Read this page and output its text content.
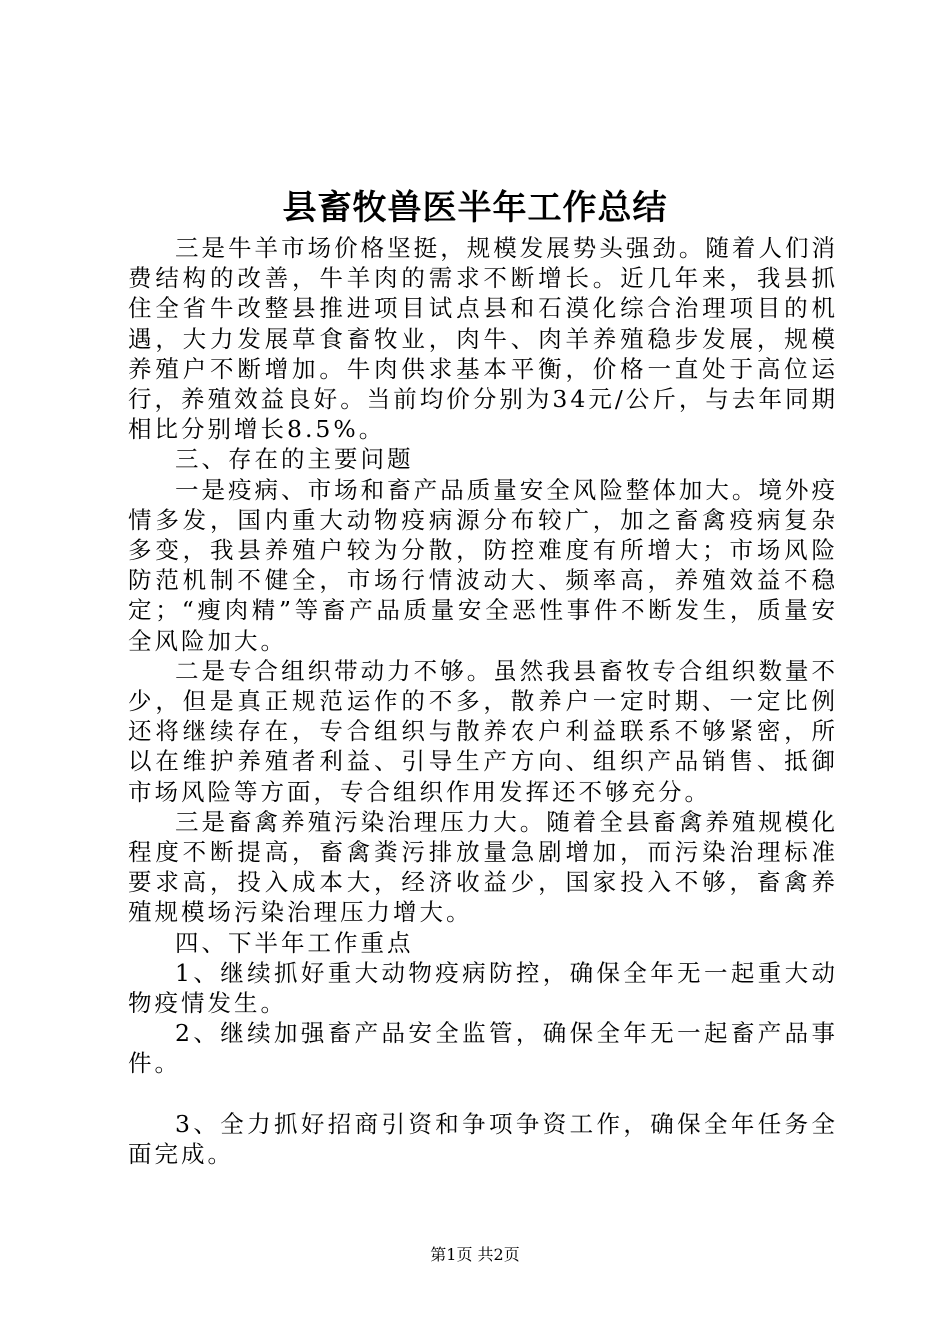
县畜牧兽医半年工作总结

三是牛羊市场价格坚挺，规模发展势头强劲。随着人们消费结构的改善，牛羊肉的需求不断增长。近几年来，我县抓住全省牛改整县推进项目试点县和石漠化综合治理项目的机遇，大力发展草食畜牧业，肉牛、肉羊养殖稳步发展，规模养殖户不断增加。牛肉供求基本平衡，价格一直处于高位运行，养殖效益良好。当前均价分别为34元/公斤，与去年同期相比分别增长8.5%。

三、存在的主要问题

一是疫病、市场和畜产品质量安全风险整体加大。境外疫情多发，国内重大动物疫病源分布较广，加之畜禽疫病复杂多变，我县养殖户较为分散，防控难度有所增大；市场风险防范机制不健全，市场行情波动大、频率高，养殖效益不稳定；“瘦肉精”等畜产品质量安全恶性事件不断发生，质量安全风险加大。

二是专合组织带动力不够。虽然我县畜牧专合组织数量不少，但是真正规范运作的不多，散养户一定时期、一定比例还将继续存在，专合组织与散养农户利益联系不够紧密，所以在维护养殖者利益、引导生产方向、组织产品销售、抵御市场风险等方面，专合组织作用发挥还不够充分。

三是畜禽养殖污染治理压力大。随着全县畜禽养殖规模化程度不断提高，畜禽粪污排放量急剧增加，而污染治理标准要求高，投入成本大，经济收益少，国家投入不够，畜禽养殖规模场污染治理压力增大。

四、下半年工作重点

1、继续抓好重大动物疫病防控，确保全年无一起重大动物疫情发生。

2、继续加强畜产品安全监管，确保全年无一起畜产品事件。

3、全力抓好招商引资和争项争资工作，确保全年任务全面完成。

第1页 共2页
